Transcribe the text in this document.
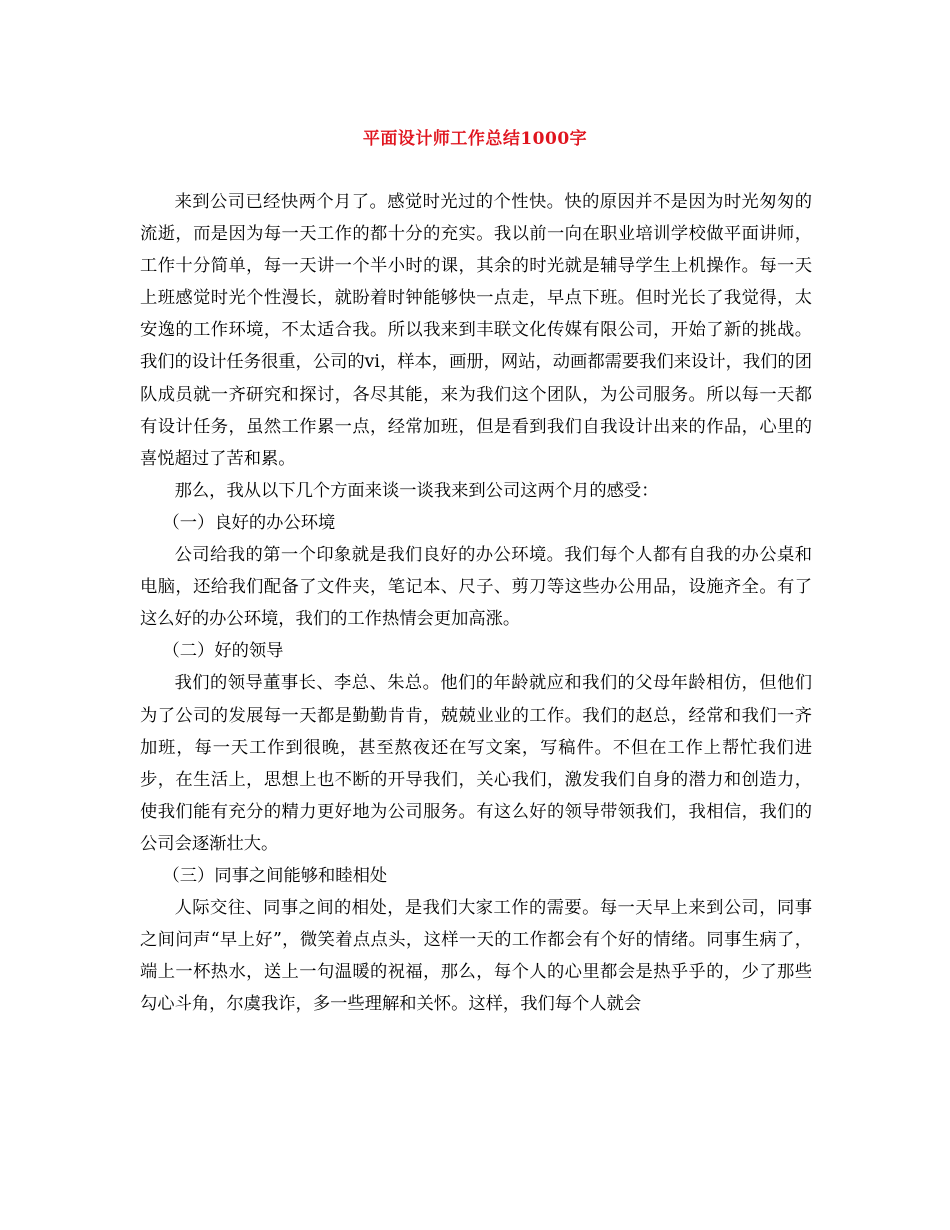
平面设计师工作总结1000字

来到公司已经快两个月了。感觉时光过的个性快。快的原因并不是因为时光匆匆的流逝，而是因为每一天工作的都十分的充实。我以前一向在职业培训学校做平面讲师，工作十分简单，每一天讲一个半小时的课，其余的时光就是辅导学生上机操作。每一天上班感觉时光个性漫长，就盼着时钟能够快一点走，早点下班。但时光长了我觉得，太安逸的工作环境，不太适合我。所以我来到丰联文化传媒有限公司，开始了新的挑战。我们的设计任务很重，公司的vi，样本，画册，网站，动画都需要我们来设计，我们的团队成员就一齐研究和探讨，各尽其能，来为我们这个团队，为公司服务。所以每一天都有设计任务，虽然工作累一点，经常加班，但是看到我们自我设计出来的作品，心里的喜悦超过了苦和累。

那么，我从以下几个方面来谈一谈我来到公司这两个月的感受：

（一）良好的办公环境

公司给我的第一个印象就是我们良好的办公环境。我们每个人都有自我的办公桌和电脑，还给我们配备了文件夹，笔记本、尺子、剪刀等这些办公用品，设施齐全。有了这么好的办公环境，我们的工作热情会更加高涨。

（二）好的领导

我们的领导董事长、李总、朱总。他们的年龄就应和我们的父母年龄相仿，但他们为了公司的发展每一天都是勤勤肯肯，兢兢业业的工作。我们的赵总，经常和我们一齐加班，每一天工作到很晚，甚至熬夜还在写文案，写稿件。不但在工作上帮忙我们进步，在生活上，思想上也不断的开导我们，关心我们，激发我们自身的潜力和创造力，使我们能有充分的精力更好地为公司服务。有这么好的领导带领我们，我相信，我们的公司会逐渐壮大。

（三）同事之间能够和睦相处

人际交往、同事之间的相处，是我们大家工作的需要。每一天早上来到公司，同事之间问声“早上好”，微笑着点点头，这样一天的工作都会有个好的情绪。同事生病了，端上一杯热水，送上一句温暖的祝福，那么，每个人的心里都会是热乎乎的，少了那些勾心斗角，尔虞我诈，多一些理解和关怀。这样，我们每个人就会
